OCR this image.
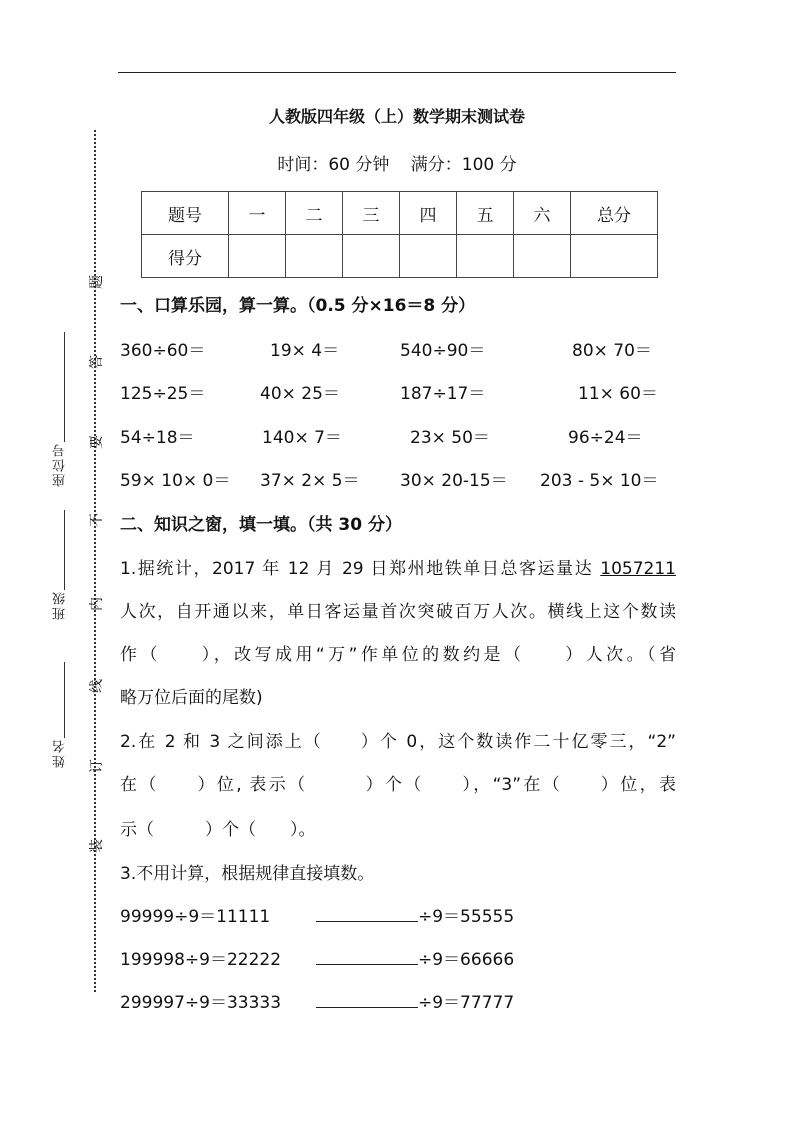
座位号
班级
姓名
题
答
要
不
内
线
订
装
人教版四年级（上）数学期末测试卷
时间：60 分钟 满分：100 分
题号	一	二	三	四	五	六	总分
得分							
一、口算乐园，算一算。（0.5 分×16＝8 分）
360÷60＝	19× 4＝	540÷90＝	80× 70＝
125÷25＝	40× 25＝	187÷17＝	11× 60＝
54÷18＝	140× 7＝	23× 50＝	96÷24＝
59× 10× 0＝ 37× 2× 5＝ 30× 20-15＝ 203 - 5× 10＝
二、知识之窗，填一填。（共 30 分）
1.据统计，2017 年 12 月 29 日郑州地铁单日总客运量达 1057211
人次，自开通以来，单日客运量首次突破百万人次。横线上这个数读
作（　　），改写成用“万”作单位的数约是（　　）人次。（省
略万位后面的尾数)
2.在 2 和 3 之间添上（　　）个 0，这个数读作二十亿零三，“2”
在（　　）位, 表示（　　　）个（　　），“3”在（　　）位，表
示（　　　）个（　　）。
3.不用计算，根据规律直接填数。
99999÷9＝11111	÷9＝55555
199998÷9＝22222	÷9＝66666
299997÷9＝33333	÷9＝77777
